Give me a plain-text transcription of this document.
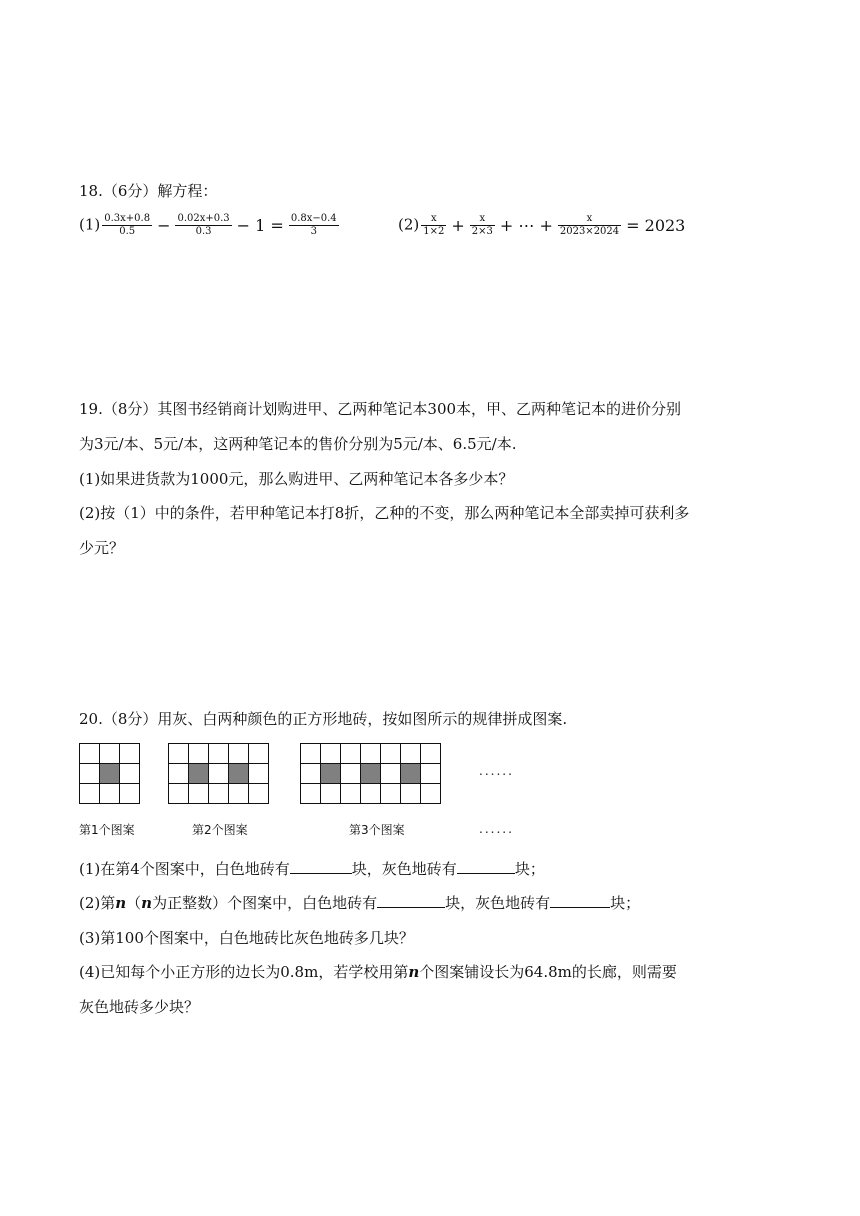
18.（6分）解方程：
$(1) \frac{0.3x+0.8}{0.5} - \frac{0.02x+0.3}{0.3} - 1 = \frac{0.8x-0.4}{3}$	$(2) \frac{x}{1\times 2} + \frac{x}{2\times 3}$ + ⋯ + $\frac{x}{2023\times 2024} = 2023$
19.（8分）其图书经销商计划购进甲、乙两种笔记本300本，甲、乙两种笔记本的进价分别
为3元/本、5元/本，这两种笔记本的售价分别为5元/本、6.5元/本.
(1)如果进货款为1000元，那么购进甲、乙两种笔记本各多少本？
(2)按（1）中的条件，若甲种笔记本打8折，乙种的不变，那么两种笔记本全部卖掉可获利多
少元？
20.（8分）用灰、白两种颜色的正方形地砖，按如图所示的规律拼成图案.
......
第1个图案	第2个图案	第3个图案	......
(1)在第4个图案中，白色地砖有	块，灰色地砖有	块；
(2)第n（n为正整数）个图案中，白色地砖有	块，灰色地砖有	块；
(3)第100个图案中，白色地砖比灰色地砖多几块？
(4)已知每个小正方形的边长为0.8m，若学校用第n个图案铺设长为64.8m的长廊，则需要
灰色地砖多少块？
